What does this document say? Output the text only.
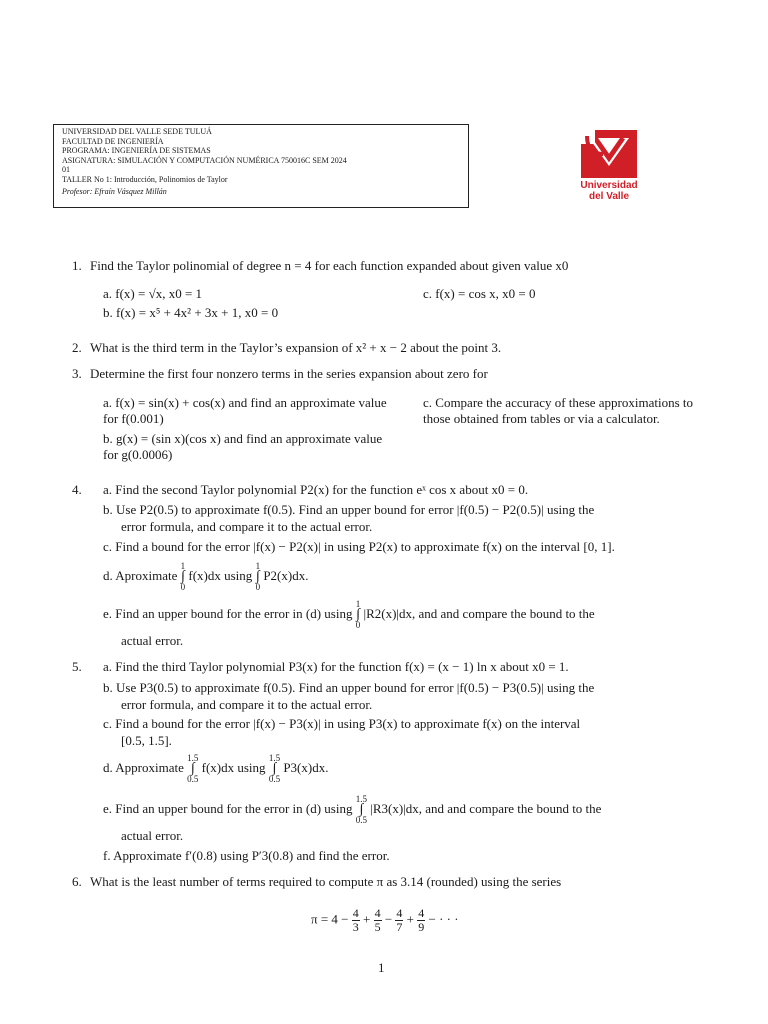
UNIVERSIDAD DEL VALLE SEDE TULUÁ
FACULTAD DE INGENIERÍA
PROGRAMA: INGENIERÍA DE SISTEMAS
ASIGNATURA: SIMULACIÓN Y COMPUTACIÓN NUMÉRICA 750016C SEM 2024
01
TALLER No 1: Introducción, Polinomios de Taylor
Profesor: Efraín Vásquez Millán
Universidad
del Valle
1. Find the Taylor polinomial of degree n = 4 for each function expanded about given value x0
a. f(x) = √x, x0 = 1
b. f(x) = x⁵ + 4x² + 3x + 1, x0 = 0
c. f(x) = cos x, x0 = 0
2. What is the third term in the Taylor’s expansion of x² + x − 2 about the point 3.
3. Determine the first four nonzero terms in the series expansion about zero for
a. f(x) = sin(x) + cos(x) and find an approximate value for f(0.001)
b. g(x) = (sin x)(cos x) and find an approximate value for g(0.0006)
c. Compare the accuracy of these approximations to those obtained from tables or via a calculator.
4. a. Find the second Taylor polynomial P2(x) for the function eˣ cos x about x0 = 0.
b. Use P2(0.5) to approximate f(0.5). Find an upper bound for error |f(0.5) − P2(0.5)| using the
error formula, and compare it to the actual error.
c. Find a bound for the error |f(x) − P2(x)| in using P2(x) to approximate f(x) on the interval [0, 1].
d. Aproximate 1
∫
0 f(x)dx using 1
∫
0 P2(x)dx.
e. Find an upper bound for the error in (d) using 1
∫
0 |R2(x)|dx, and and compare the bound to the
actual error.
5. a. Find the third Taylor polynomial P3(x) for the function f(x) = (x − 1) ln x about x0 = 1.
b. Use P3(0.5) to approximate f(0.5). Find an upper bound for error |f(0.5) − P3(0.5)| using the
error formula, and compare it to the actual error.
c. Find a bound for the error |f(x) − P3(x)| in using P3(x) to approximate f(x) on the interval
[0.5, 1.5].
d. Approximate 1.5
∫
0.5 f(x)dx using 1.5
∫
0.5 P3(x)dx.
e. Find an upper bound for the error in (d) using 1.5
∫
0.5 |R3(x)|dx, and and compare the bound to the
actual error.
f. Approximate f′(0.8) using P′3(0.8) and find the error.
6. What is the least number of terms required to compute π as 3.14 (rounded) using the series
$\pi = 4 - \frac{4}{3} + \frac{4}{5} - \frac{4}{7} + \frac{4}{9}$ − · · ·
1
